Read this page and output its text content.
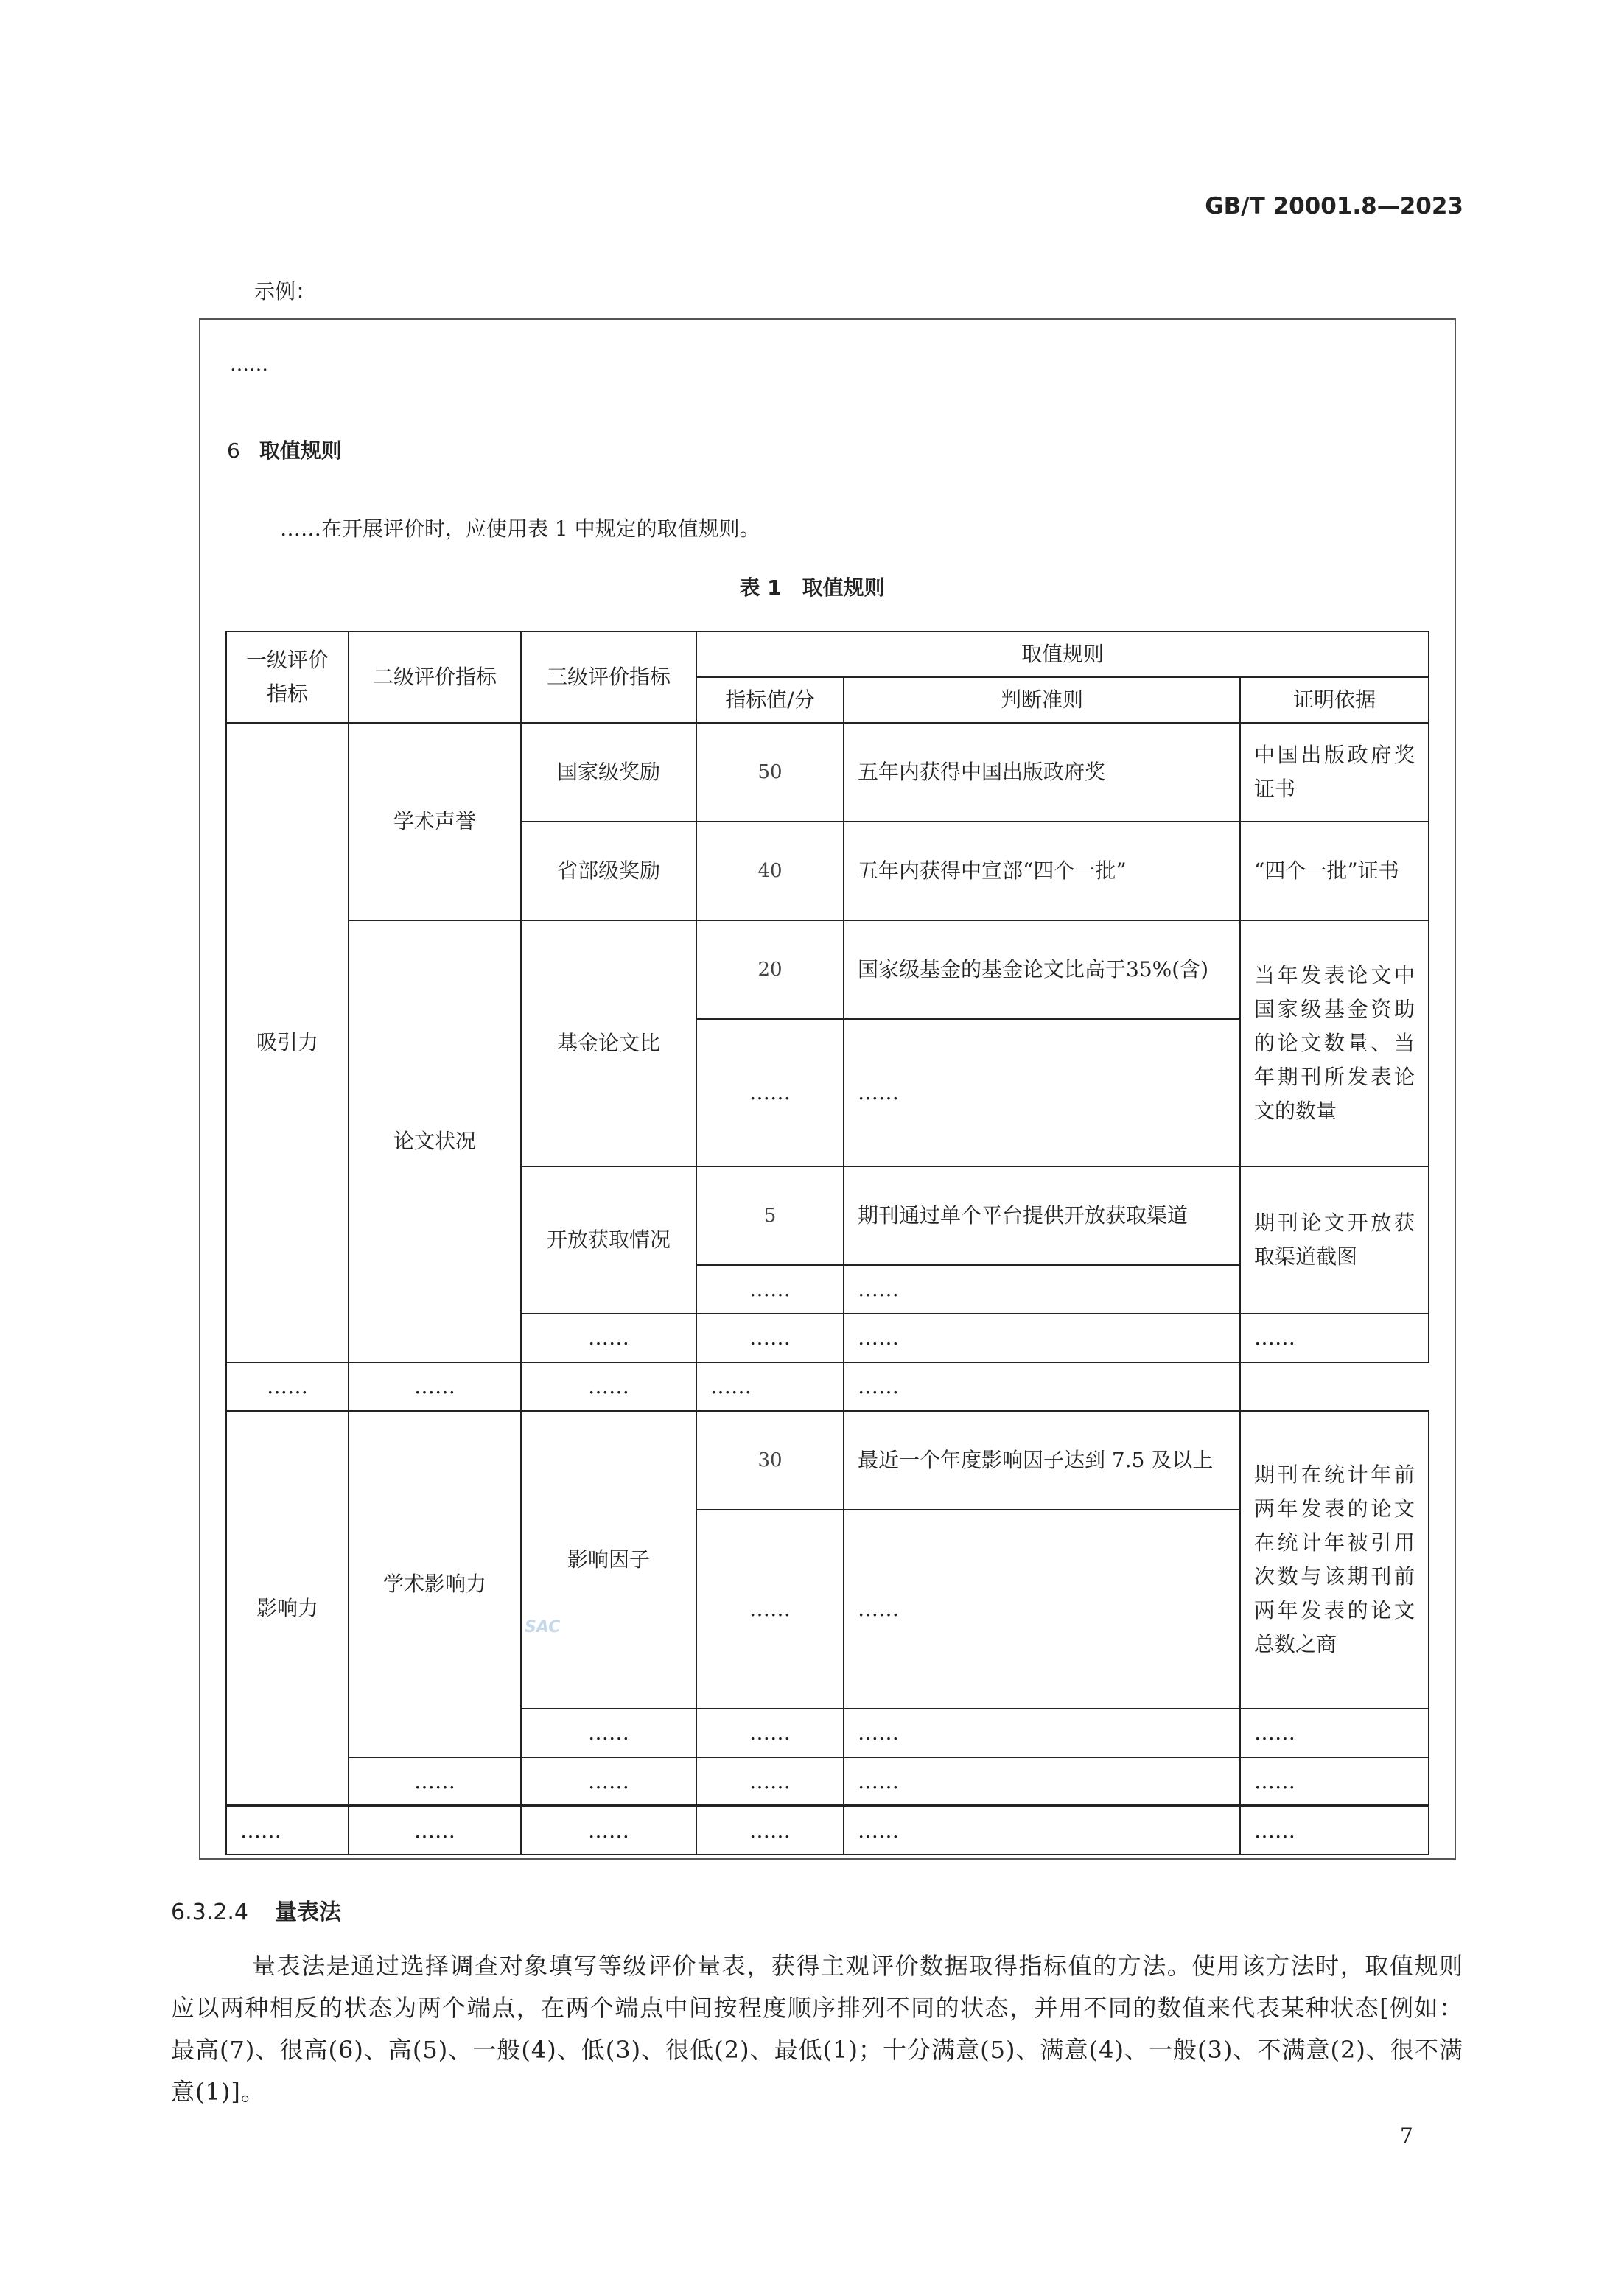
GB/T 20001.8—2023
示例：
……
6 取值规则
……在开展评价时，应使用表 1 中规定的取值规则。
表 1　取值规则
一级评价指标	二级评价指标	三级评价指标	取值规则		
			指标值/分	判断准则	证明依据
吸引力	学术声誉	国家级奖励	50	五年内获得中国出版政府奖	中国出版政府奖证书
		省部级奖励	40	五年内获得中宣部“四个一批”	“四个一批”证书
	论文状况	基金论文比	20	国家级基金的基金论文比高于35%(含)	当年发表论文中国家级基金资助的论文数量、当年期刊所发表论文的数量
			……	……	
		开放获取情况	5	期刊通过单个平台提供开放获取渠道	期刊论文开放获取渠道截图
			……	……	
		……	……	……	……
……	……	……	……	……	
影响力	学术影响力	影响因子	30	最近一个年度影响因子达到 7.5 及以上	期刊在统计年前两年发表的论文在统计年被引用次数与该期刊前两年发表的论文总数之商
			……	……	
		……	……	……	……
	……	……	……	……	……
……	……	……	……	……	……
SAC
6.3.2.4 量表法
量表法是通过选择调查对象填写等级评价量表，获得主观评价数据取得指标值的方法。使用该方法时，取值规则应以两种相反的状态为两个端点，在两个端点中间按程度顺序排列不同的状态，并用不同的数值来代表某种状态[例如：最高(7)、很高(6)、高(5)、一般(4)、低(3)、很低(2)、最低(1)；十分满意(5)、满意(4)、一般(3)、不满意(2)、很不满意(1)]。
7
